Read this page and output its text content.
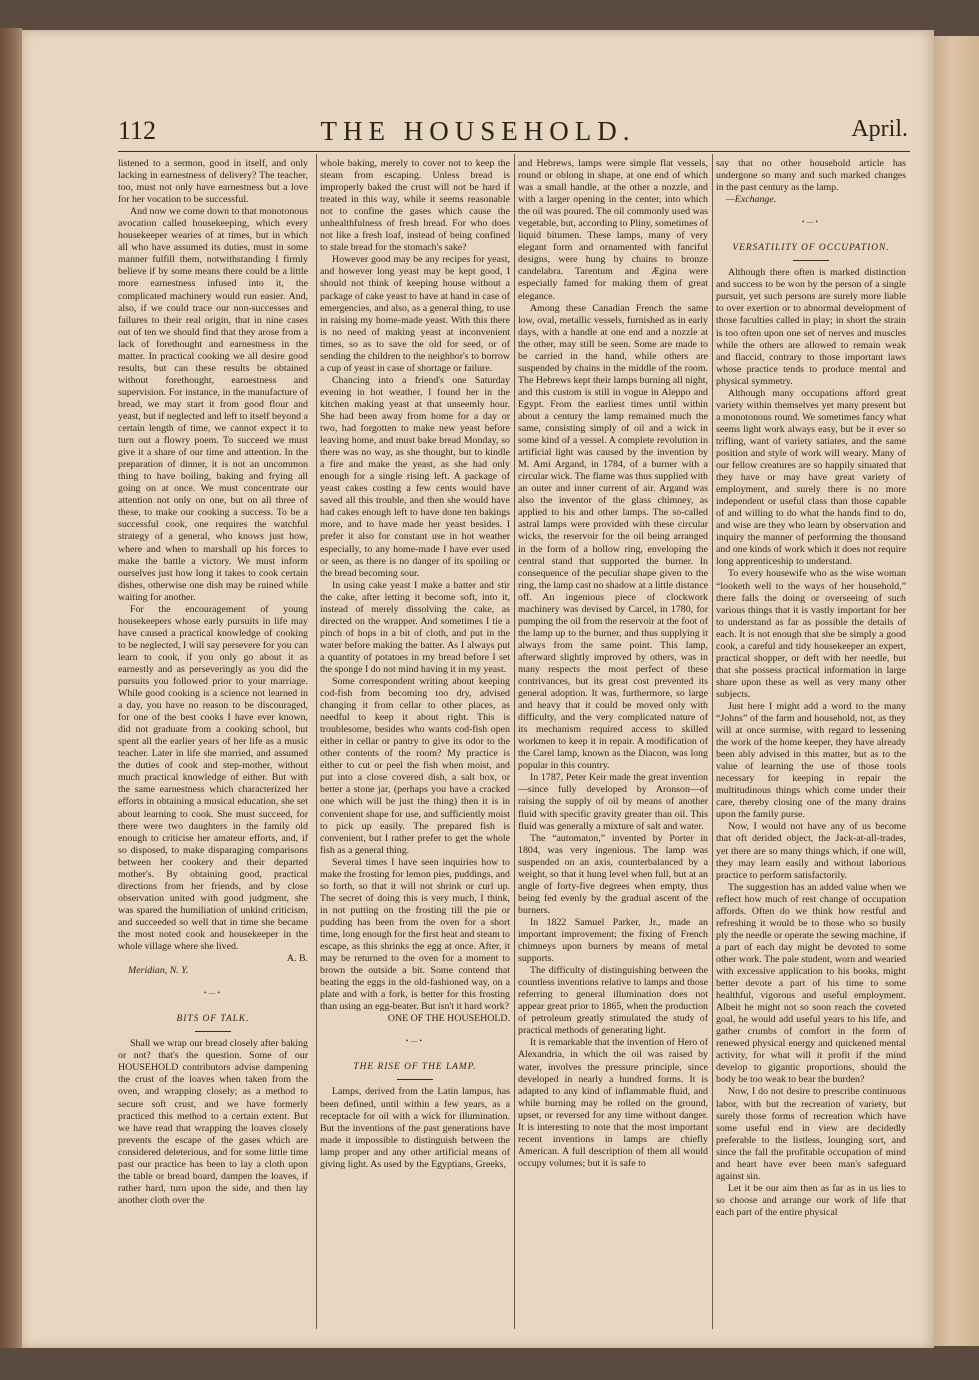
112	THE HOUSEHOLD.	April.

listened to a sermon, good in itself, and only lacking in earnestness of delivery? The teacher, too, must not only have earnestness but a love for her vocation to be successful.

And now we come down to that monotonous avocation called housekeeping, which every housekeeper wearies of at times, but in which all who have assumed its duties, must in some manner fulfill them, notwithstanding I firmly believe if by some means there could be a little more earnestness infused into it, the complicated machinery would run easier. And, also, if we could trace our non-successes and failures to their real origin, that in nine cases out of ten we should find that they arose from a lack of forethought and earnestness in the matter. In practical cooking we all desire good results, but can these results be obtained without forethought, earnestness and supervision. For instance, in the manufacture of bread, we may start it from good flour and yeast, but if neglected and left to itself beyond a certain length of time, we cannot expect it to turn out a flowry poem. To succeed we must give it a share of our time and attention. In the preparation of dinner, it is not an uncommon thing to have boiling, baking and frying all going on at once. We must concentrate our attention not only on one, but on all three of these, to make our cooking a success. To be a successful cook, one requires the watchful strategy of a general, who knows just how, where and when to marshall up his forces to make the battle a victory. We must inform ourselves just how long it takes to cook certain dishes, otherwise one dish may be ruined while waiting for another.

For the encouragement of young housekeepers whose early pursuits in life may have caused a practical knowledge of cooking to be neglected, I will say persevere for you can learn to cook, if you only go about it as earnestly and as perseveringly as you did the pursuits you followed prior to your marriage. While good cooking is a science not learned in a day, you have no reason to be discouraged, for one of the best cooks I have ever known, did not graduate from a cooking school, but spent all the earlier years of her life as a music teacher. Later in life she married, and assumed the duties of cook and step-mother, without much practical knowledge of either. But with the same earnestness which characterized her efforts in obtaining a musical education, she set about learning to cook. She must succeed, for there were two daughters in the family old enough to criticise her amateur efforts, and, if so disposed, to make disparaging comparisons between her cookery and their departed mother's. By obtaining good, practical directions from her friends, and by close observation united with good judgment, she was spared the humiliation of unkind criticism, and succeeded so well that in time she became the most noted cook and housekeeper in the whole village where she lived.

A. B.

Meridian, N. Y.

•—•
BITS OF TALK.

Shall we wrap our bread closely after baking or not? that's the question. Some of our HOUSEHOLD contributors advise dampening the crust of the loaves when taken from the oven, and wrapping closely; as a method to secure soft crust, and we have formerly practiced this method to a certain extent. But we have read that wrapping the loaves closely prevents the escape of the gases which are considered deleterious, and for some little time past our practice has been to lay a cloth upon the table or bread board, dampen the loaves, if rather hard, turn upon the side, and then lay another cloth over the

whole baking, merely to cover not to keep the steam from escaping. Unless bread is improperly baked the crust will not be hard if treated in this way, while it seems reasonable not to confine the gases which cause the unhealthfulness of fresh bread. For who does not like a fresh loaf, instead of being confined to stale bread for the stomach's sake?

However good may be any recipes for yeast, and however long yeast may be kept good, I should not think of keeping house without a package of cake yeast to have at hand in case of emergencies, and also, as a general thing, to use in raising my home-made yeast. With this there is no need of making yeast at inconvenient times, so as to save the old for seed, or of sending the children to the neighbor's to borrow a cup of yeast in case of shortage or failure.

Chancing into a friend's one Saturday evening in hot weather, I found her in the kitchen making yeast at that unseemly hour. She had been away from home for a day or two, had forgotten to make new yeast before leaving home, and must bake bread Monday, so there was no way, as she thought, but to kindle a fire and make the yeast, as she had only enough for a single rising left. A package of yeast cakes costing a few cents would have saved all this trouble, and then she would have had cakes enough left to have done ten bakings more, and to have made her yeast besides. I prefer it also for constant use in hot weather especially, to any home-made I have ever used or seen, as there is no danger of its spoiling or the bread becoming sour.

In using cake yeast I make a batter and stir the cake, after letting it become soft, into it, instead of merely dissolving the cake, as directed on the wrapper. And sometimes I tie a pinch of hops in a bit of cloth, and put in the water before making the batter. As I always put a quantity of potatoes in my bread before I set the sponge I do not mind having it in my yeast.

Some correspondent writing about keeping cod-fish from becoming too dry, advised changing it from cellar to other places, as needful to keep it about right. This is troublesome, besides who wants cod-fish open either in cellar or pantry to give its odor to the other contents of the room? My practice is either to cut or peel the fish when moist, and put into a close covered dish, a salt box, or better a stone jar, (perhaps you have a cracked one which will be just the thing) then it is in convenient shape for use, and sufficiently moist to pick up easily. The prepared fish is convenient, but I rather prefer to get the whole fish as a general thing.

Several times I have seen inquiries how to make the frosting for lemon pies, puddings, and so forth, so that it will not shrink or curl up. The secret of doing this is very much, I think, in not putting on the frosting till the pie or pudding has been from the oven for a short time, long enough for the first heat and steam to escape, as this shrinks the egg at once. After, it may be returned to the oven for a moment to brown the outside a bit. Some contend that beating the eggs in the old-fashioned way, on a plate and with a fork, is better for this frosting than using an egg-beater. But isn't it hard work?

ONE OF THE HOUSEHOLD.

•—•
THE RISE OF THE LAMP.

Lamps, derived from the Latin lampus, has been defined, until within a few years, as a receptacle for oil with a wick for illumination. But the inventions of the past generations have made it impossible to distinguish between the lamp proper and any other artificial means of giving light. As used by the Egyptians, Greeks,

and Hebrews, lamps were simple flat vessels, round or oblong in shape, at one end of which was a small handle, at the other a nozzle, and with a larger opening in the center, into which the oil was poured. The oil commonly used was vegetable, but, according to Pliny, sometimes of liquid bitumen. These lamps, many of very elegant form and ornamented with fanciful designs, were hung by chains to bronze candelabra. Tarentum and Ægina were especially famed for making them of great elegance.

Among these Canadian French the same low, oval, metallic vessels, furnished as in early days, with a handle at one end and a nozzle at the other, may still be seen. Some are made to be carried in the hand, while others are suspended by chains in the middle of the room. The Hebrews kept their lamps burning all night, and this custom is still in vogue in Aleppo and Egypt. From the earliest times until within about a century the lamp remained much the same, consisting simply of oil and a wick in some kind of a vessel. A complete revolution in artificial light was caused by the invention by M. Ami Argand, in 1784, of a burner with a circular wick. The flame was thus supplied with an outer and inner current of air. Argand was also the inventor of the glass chimney, as applied to his and other lamps. The so-called astral lamps were provided with these circular wicks, the reservoir for the oil being arranged in the form of a hollow ring, enveloping the central stand that supported the burner. In consequence of the peculiar shape given to the ring, the lamp cast no shadow at a little distance off. An ingenious piece of clockwork machinery was devised by Carcel, in 1780, for pumping the oil from the reservoir at the foot of the lamp up to the burner, and thus supplying it always from the same point. This lamp, afterward slightly improved by others, was in many respects the most perfect of these contrivances, but its great cost prevented its general adoption. It was, furthermore, so large and heavy that it could be moved only with difficulty, and the very complicated nature of its mechanism required access to skilled workmen to keep it in repair. A modification of the Carel lamp, known as the Diacon, was long popular in this country.

In 1787, Peter Keir made the great invention—since fully developed by Aronson—of raising the supply of oil by means of another fluid with specific gravity greater than oil. This fluid was generally a mixture of salt and water.

The “automaton,” invented by Porter in 1804, was very ingenious. The lamp was suspended on an axis, counterbalanced by a weight, so that it hung level when full, but at an angle of forty-five degrees when empty, thus being fed evenly by the gradual ascent of the burners.

In 1822 Samuel Parker, Jr., made an important improvement; the fixing of French chimneys upon burners by means of metal supports.

The difficulty of distinguishing between the countless inventions relative to lamps and those referring to general illumination does not appear great prior to 1865, when the production of petroleum greatly stimulated the study of practical methods of generating light.

It is remarkable that the invention of Hero of Alexandria, in which the oil was raised by water, involves the pressure principle, since developed in nearly a hundred forms. It is adapted to any kind of inflammable fluid, and while burning may be rolled on the ground, upset, or reversed for any time without danger. It is interesting to note that the most important recent inventions in lamps are chiefly American. A full description of them all would occupy volumes; but it is safe to

say that no other household article has undergone so many and such marked changes in the past century as the lamp.

—Exchange.

•—•
VERSATILITY OF OCCUPATION.

Although there often is marked distinction and success to be won by the person of a single pursuit, yet such persons are surely more liable to over exertion or to abnormal development of those faculties called in play; in short the strain is too often upon one set of nerves and muscles while the others are allowed to remain weak and flaccid, contrary to those important laws whose practice tends to produce mental and physical symmetry.

Although many occupations afford great variety within themselves yet many present but a monotonous round. We sometimes fancy what seems light work always easy, but be it ever so trifling, want of variety satiates, and the same position and style of work will weary. Many of our fellow creatures are so happily situated that they have or may have great variety of employment, and surely there is no more independent or useful class than those capable of and willing to do what the hands find to do, and wise are they who learn by observation and inquiry the manner of performing the thousand and one kinds of work which it does not require long apprenticeship to understand.

To every housewife who as the wise woman “looketh well to the ways of her household,” there falls the doing or overseeing of such various things that it is vastly important for her to understand as far as possible the details of each. It is not enough that she be simply a good cook, a careful and tidy housekeeper an expert, practical shopper, or deft with her needle, but that she possess practical information in large share upon these as well as very many other subjects.

Just here I might add a word to the many “Johns” of the farm and household, not, as they will at once surmise, with regard to lessening the work of the home keeper, they have already been ably advised in this matter, but as to the value of learning the use of those tools necessary for keeping in repair the multitudinous things which come under their care, thereby closing one of the many drains upon the family purse.

Now, I would not have any of us become that oft derided object, the Jack-at-all-trades, yet there are so many things which, if one will, they may learn easily and without laborious practice to perform satisfactorily.

The suggestion has an added value when we reflect how much of rest change of occupation affords. Often do we think how restful and refreshing it would be to those who so busily ply the needle or operate the sewing machine, if a part of each day might be devoted to some other work. The pale student, worn and wearied with excessive application to his books, might better devote a part of his time to some healthful, vigorous and useful employment. Albeit he might not so soon reach the coveted goal, he would add useful years to his life, and gather crumbs of comfort in the form of renewed physical energy and quickened mental activity, for what will it profit if the mind develop to gigantic proportions, should the body be too weak to bear the burden?

Now, I do not desire to prescribe continuous labor, with but the recreation of variety, but surely those forms of recreation which have some useful end in view are decidedly preferable to the listless, lounging sort, and since the fall the profitable occupation of mind and heart have ever been man's safeguard against sin.

Let it be our aim then as far as in us lies to so choose and arrange our work of life that each part of the entire physical
